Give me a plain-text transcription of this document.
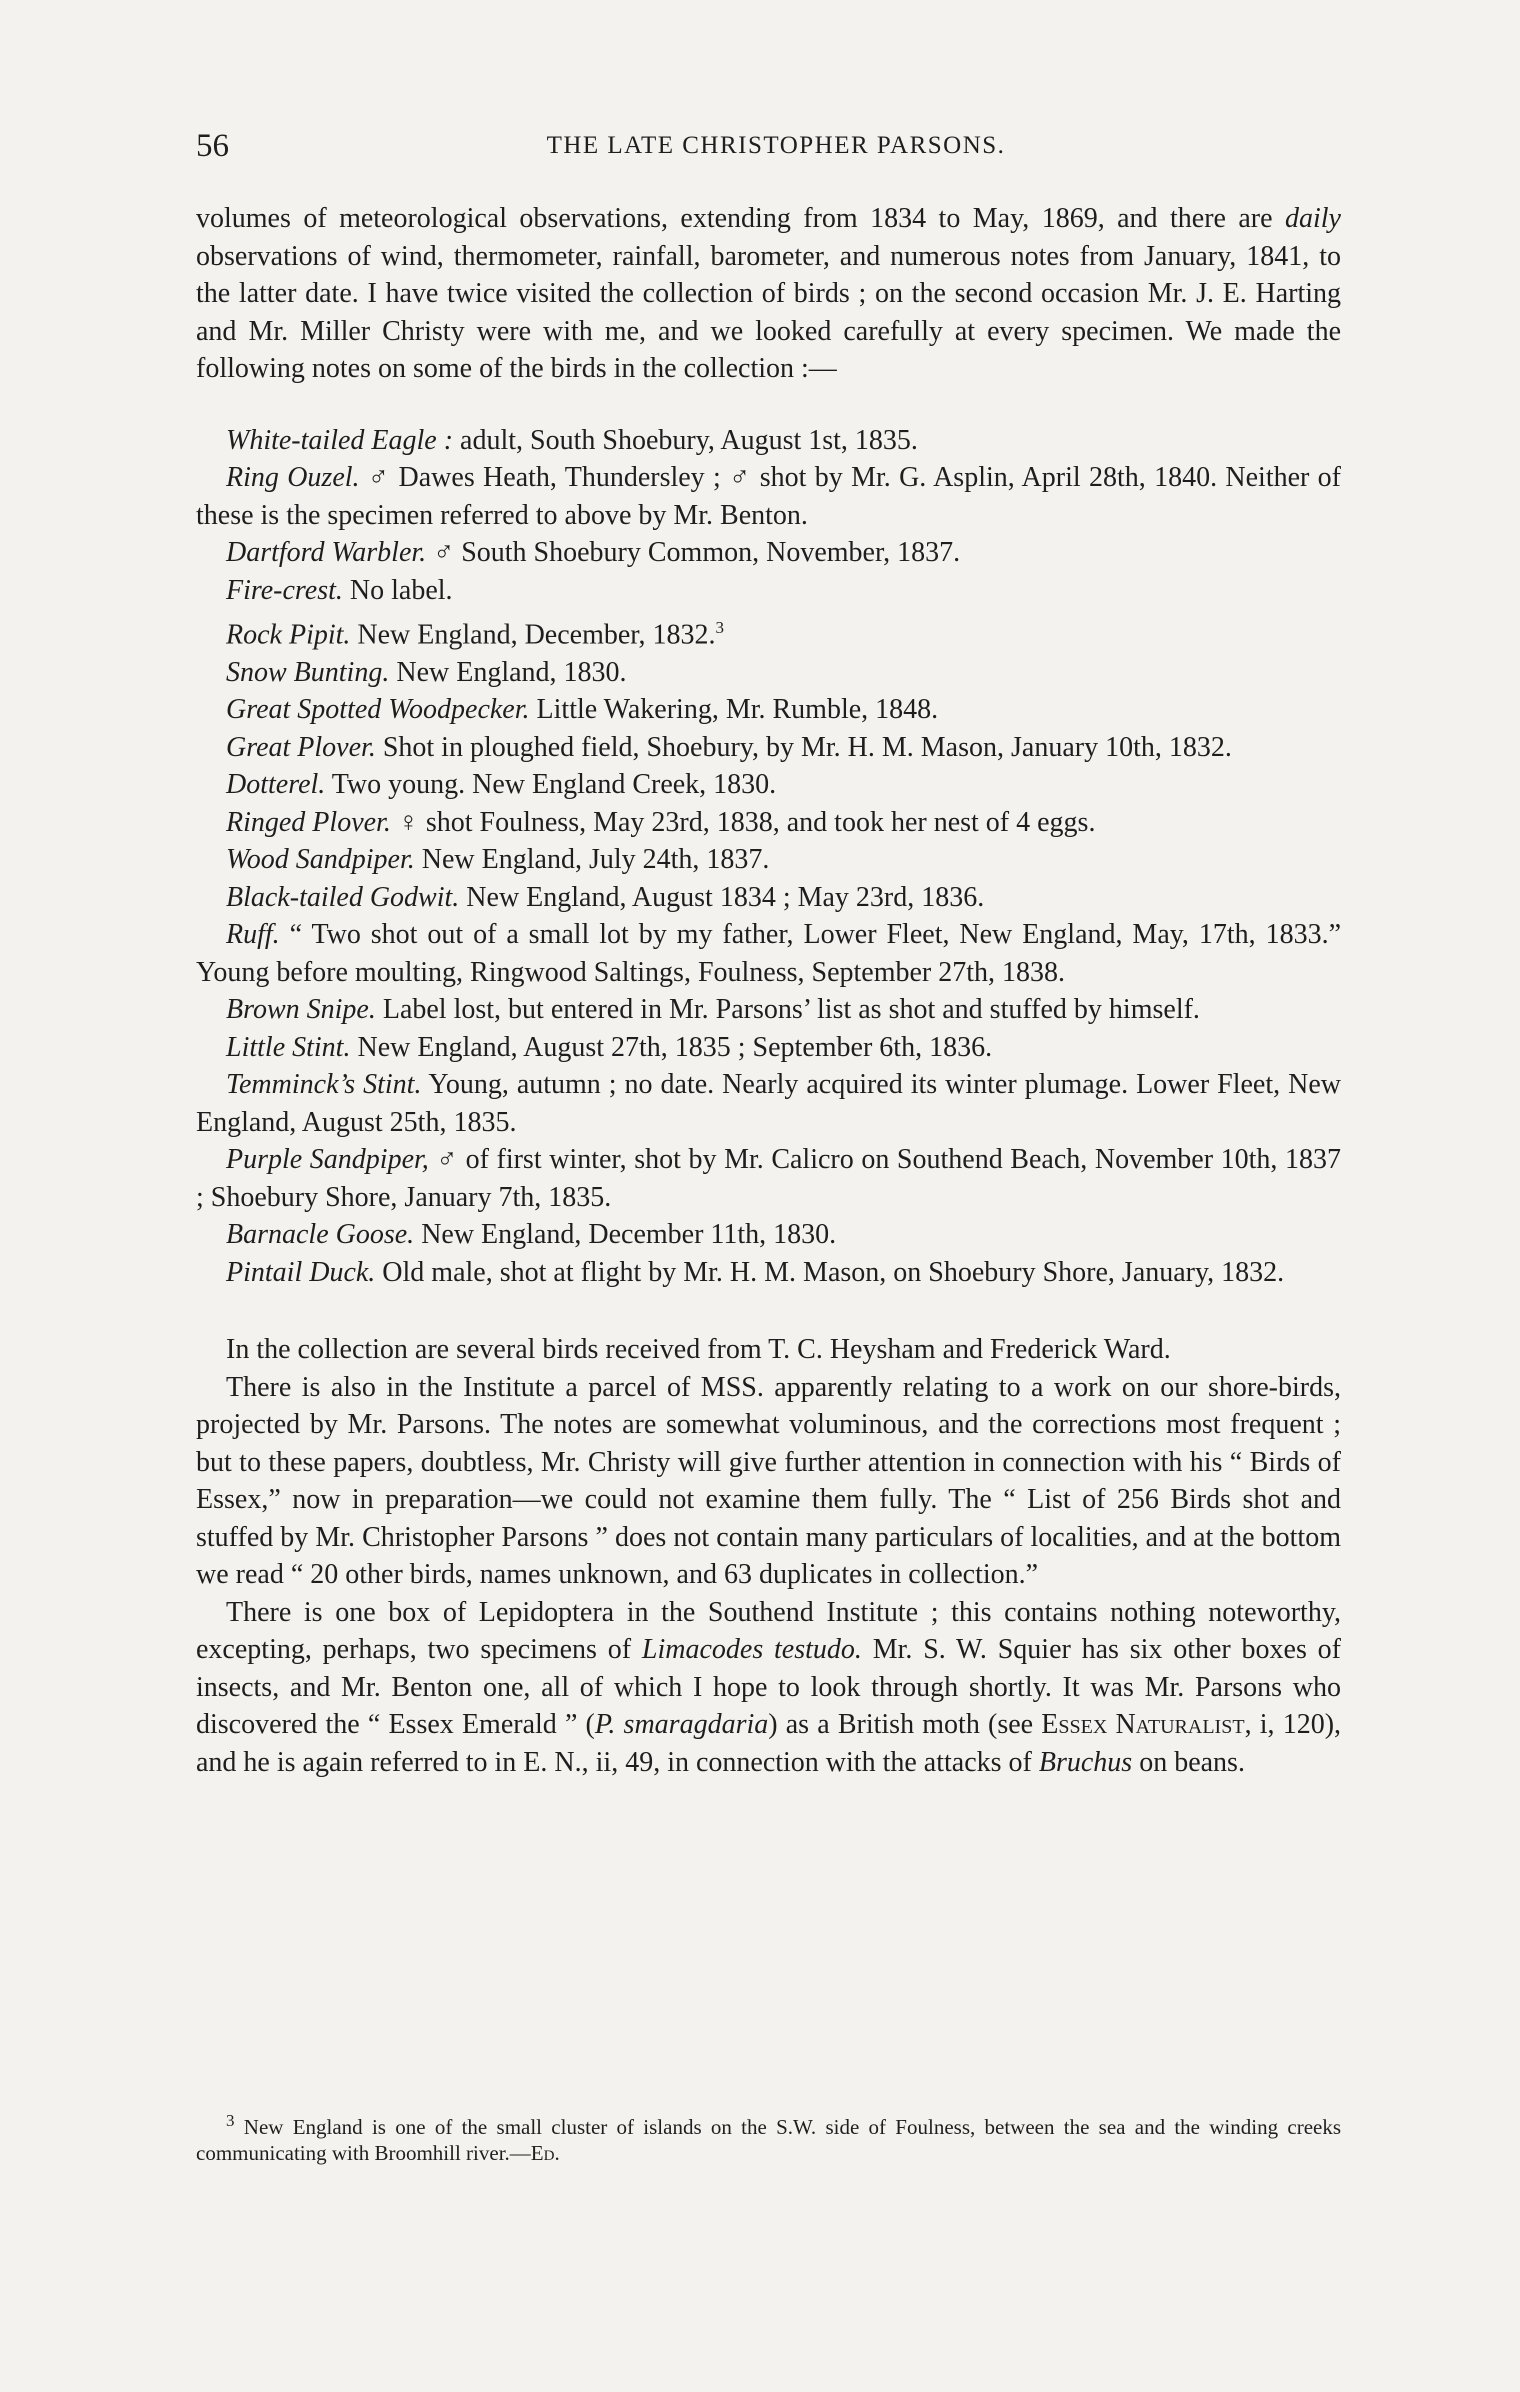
56	THE LATE CHRISTOPHER PARSONS.

volumes of meteorological observations, extending from 1834 to May, 1869, and there are daily observations of wind, thermometer, rainfall, barometer, and numerous notes from January, 1841, to the latter date. I have twice visited the collection of birds ; on the second occasion Mr. J. E. Harting and Mr. Miller Christy were with me, and we looked carefully at every specimen. We made the following notes on some of the birds in the collection :—

White-tailed Eagle : adult, South Shoebury, August 1st, 1835.

Ring Ouzel. ♂ Dawes Heath, Thundersley ; ♂ shot by Mr. G. Asplin, April 28th, 1840. Neither of these is the specimen referred to above by Mr. Benton.

Dartford Warbler. ♂ South Shoebury Common, November, 1837.

Fire-crest. No label.

Rock Pipit. New England, December, 1832.$^3$

Snow Bunting. New England, 1830.

Great Spotted Woodpecker. Little Wakering, Mr. Rumble, 1848.

Great Plover. Shot in ploughed field, Shoebury, by Mr. H. M. Mason, January 10th, 1832.

Dotterel. Two young. New England Creek, 1830.

Ringed Plover. ♀ shot Foulness, May 23rd, 1838, and took her nest of 4 eggs.

Wood Sandpiper. New England, July 24th, 1837.

Black-tailed Godwit. New England, August 1834 ; May 23rd, 1836.

Ruff. “ Two shot out of a small lot by my father, Lower Fleet, New England, May, 17th, 1833.” Young before moulting, Ringwood Saltings, Foulness, September 27th, 1838.

Brown Snipe. Label lost, but entered in Mr. Parsons’ list as shot and stuffed by himself.

Little Stint. New England, August 27th, 1835 ; September 6th, 1836.

Temminck’s Stint. Young, autumn ; no date. Nearly acquired its winter plumage. Lower Fleet, New England, August 25th, 1835.

Purple Sandpiper, ♂ of first winter, shot by Mr. Calicro on Southend Beach, November 10th, 1837 ; Shoebury Shore, January 7th, 1835.

Barnacle Goose. New England, December 11th, 1830.

Pintail Duck. Old male, shot at flight by Mr. H. M. Mason, on Shoebury Shore, January, 1832.

In the collection are several birds received from T. C. Heysham and Frederick Ward.

There is also in the Institute a parcel of MSS. apparently relating to a work on our shore-birds, projected by Mr. Parsons. The notes are somewhat voluminous, and the corrections most frequent ; but to these papers, doubtless, Mr. Christy will give further attention in connection with his “ Birds of Essex,” now in preparation—we could not examine them fully. The “ List of 256 Birds shot and stuffed by Mr. Christopher Parsons ” does not contain many particulars of localities, and at the bottom we read “ 20 other birds, names unknown, and 63 duplicates in collection.”

There is one box of Lepidoptera in the Southend Institute ; this contains nothing noteworthy, excepting, perhaps, two specimens of Limacodes testudo. Mr. S. W. Squier has six other boxes of insects, and Mr. Benton one, all of which I hope to look through shortly. It was Mr. Parsons who discovered the “ Essex Emerald ” (P. smaragdaria) as a British moth (see Essex Naturalist, i, 120), and he is again referred to in E. N., ii, 49, in connection with the attacks of Bruchus on beans.

$^3$ New England is one of the small cluster of islands on the S.W. side of Foulness, between the sea and the winding creeks communicating with Broomhill river.—Ed.
